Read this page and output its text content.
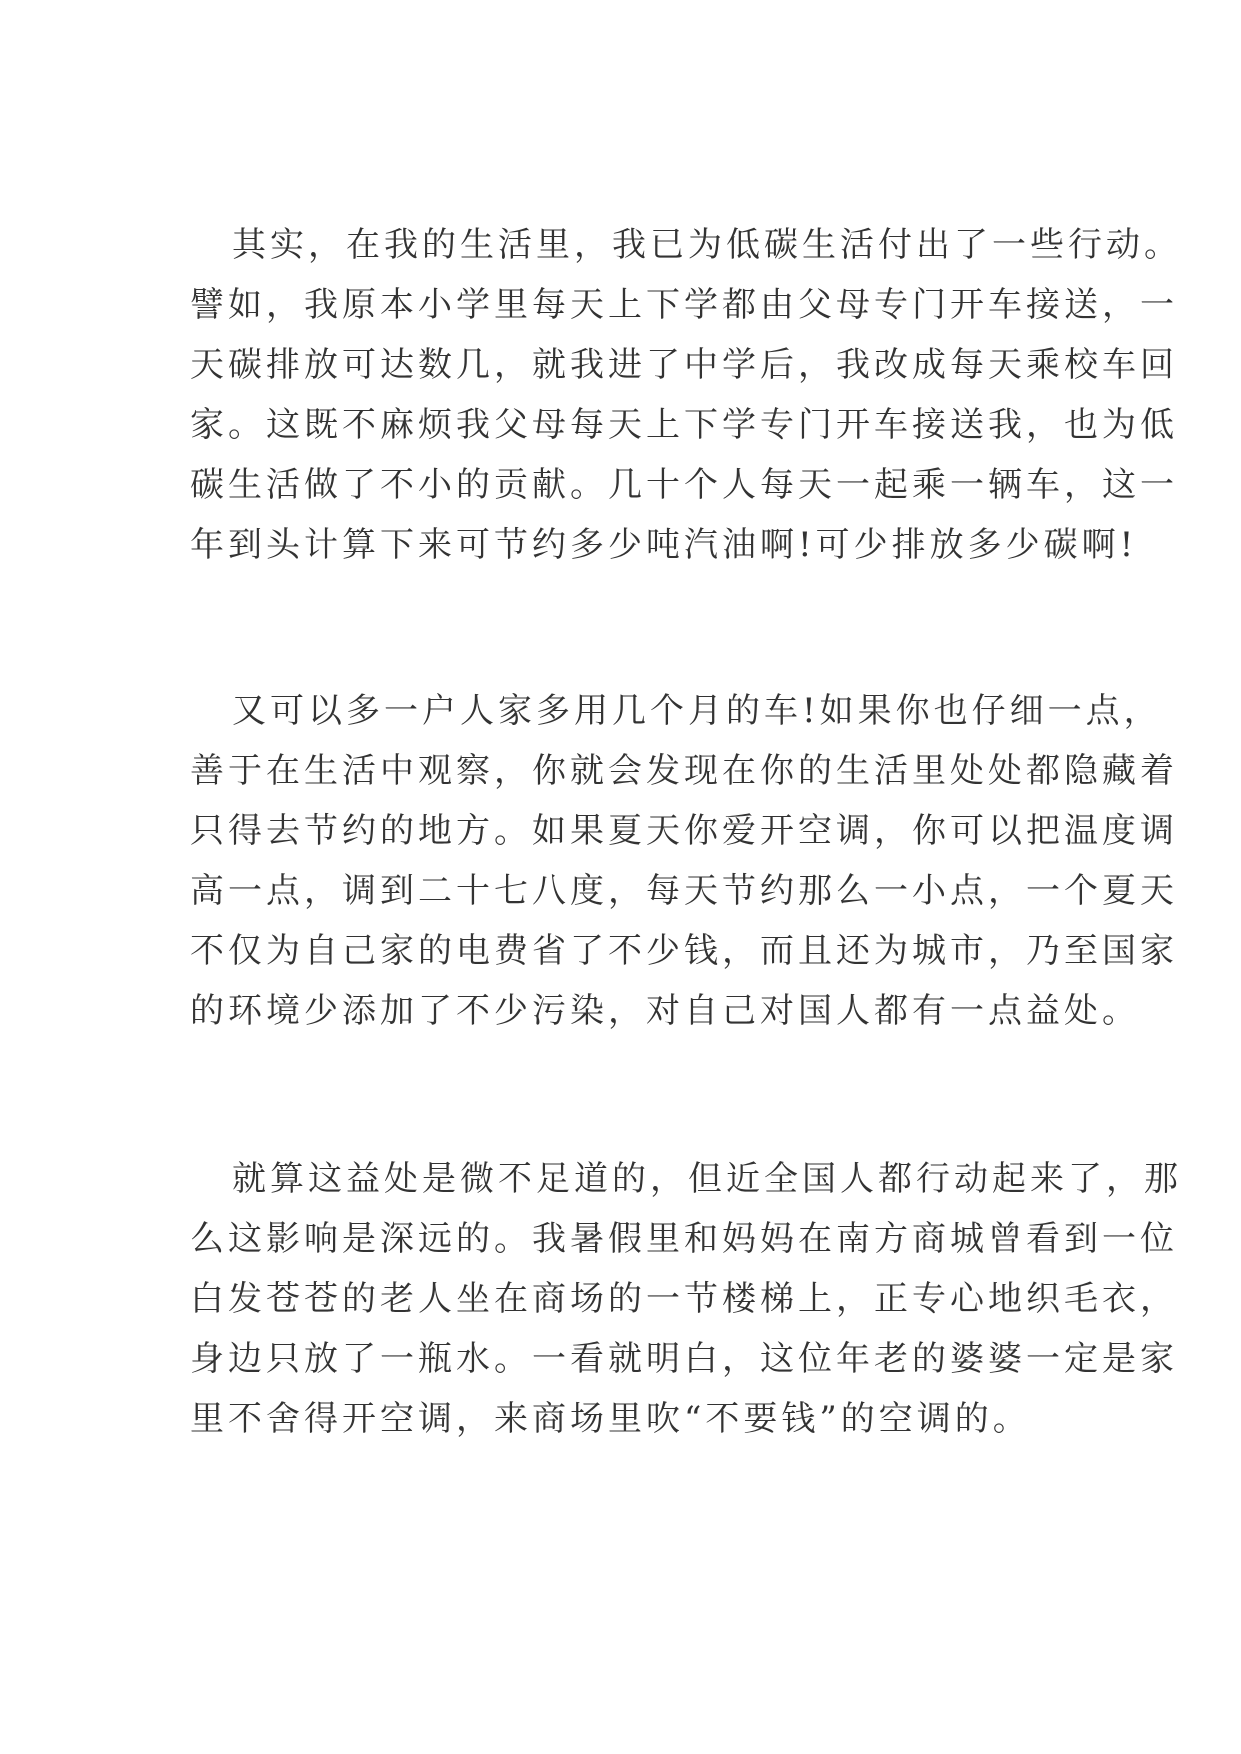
其实，在我的生活里，我已为低碳生活付出了一些行动。
譬如，我原本小学里每天上下学都由父母专门开车接送，一
天碳排放可达数几，就我进了中学后，我改成每天乘校车回
家。这既不麻烦我父母每天上下学专门开车接送我，也为低
碳生活做了不小的贡献。几十个人每天一起乘一辆车，这一
年到头计算下来可节约多少吨汽油啊!可少排放多少碳啊!
又可以多一户人家多用几个月的车!如果你也仔细一点，
善于在生活中观察，你就会发现在你的生活里处处都隐藏着
只得去节约的地方。如果夏天你爱开空调，你可以把温度调
高一点，调到二十七八度，每天节约那么一小点，一个夏天
不仅为自己家的电费省了不少钱，而且还为城市，乃至国家
的环境少添加了不少污染，对自己对国人都有一点益处。
就算这益处是微不足道的，但近全国人都行动起来了，那
么这影响是深远的。我暑假里和妈妈在南方商城曾看到一位
白发苍苍的老人坐在商场的一节楼梯上，正专心地织毛衣，
身边只放了一瓶水。一看就明白，这位年老的婆婆一定是家
里不舍得开空调，来商场里吹“不要钱”的空调的。
